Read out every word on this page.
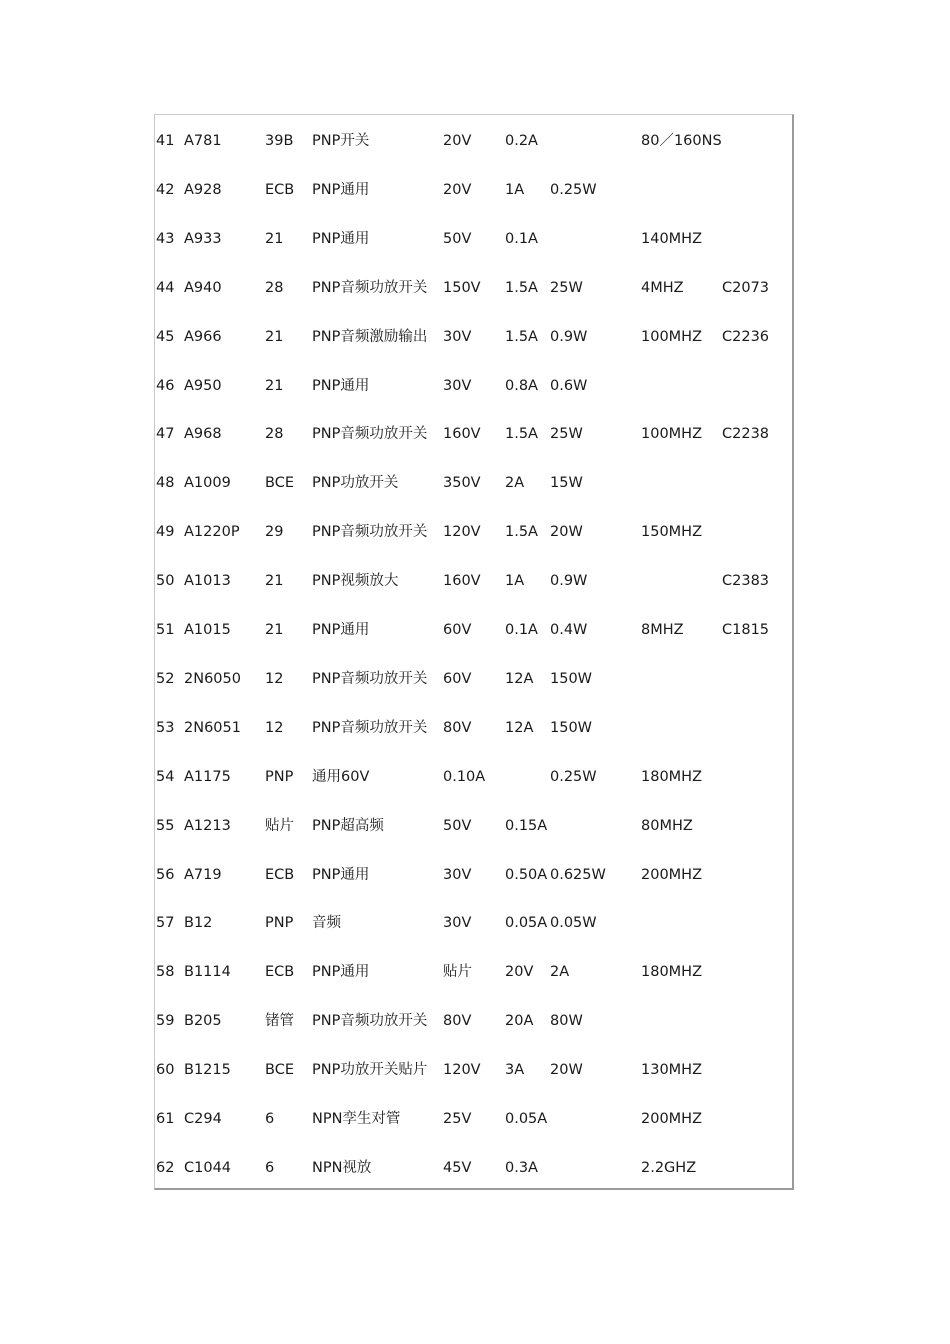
41 A781	39B PNP开关	20V 0.2A	80／160NS
42 A928	ECB PNP通用	20V 1A 0.25W
43 A933	21 PNP通用	50V 0.1A	140MHZ
44 A940	28 PNP音频功放开关 150V 1.5A 25W	4MHZ	C2073
45 A966	21 PNP音频激励输出 30V 1.5A 0.9W	100MHZ C2236
46 A950	21 PNP通用	30V 0.8A 0.6W
47 A968	28 PNP音频功放开关 160V 1.5A 25W	100MHZ C2238
48 A1009 BCE PNP功放开关	350V 2A 15W
49 A1220P 29 PNP音频功放开关 120V 1.5A 20W	150MHZ
50 A1013 21 PNP视频放大	160V 1A 0.9W	C2383
51 A1015 21 PNP通用	60V 0.1A 0.4W	8MHZ	C1815
52 2N6050 12 PNP音频功放开关 60V 12A 150W
53 2N6051 12 PNP音频功放开关 80V 12A 150W
54 A1175 PNP 通用60V	0.10A	0.25W	180MHZ
55 A1213 贴片 PNP超高频	50V 0.15A	80MHZ
56 A719	ECB PNP通用	30V 0.50A 0.625W 200MHZ
57 B12	PNP 音频	30V 0.05A 0.05W
58 B1114 ECB PNP通用	贴片 20V 2A	180MHZ
59 B205	锗管 PNP音频功放开关 80V 20A 80W
60 B1215 BCE PNP功放开关贴片 120V 3A 20W	130MHZ
61 C294	6	NPN孪生对管	25V 0.05A	200MHZ
62 C1044 6	NPN视放	45V 0.3A	2.2GHZ
